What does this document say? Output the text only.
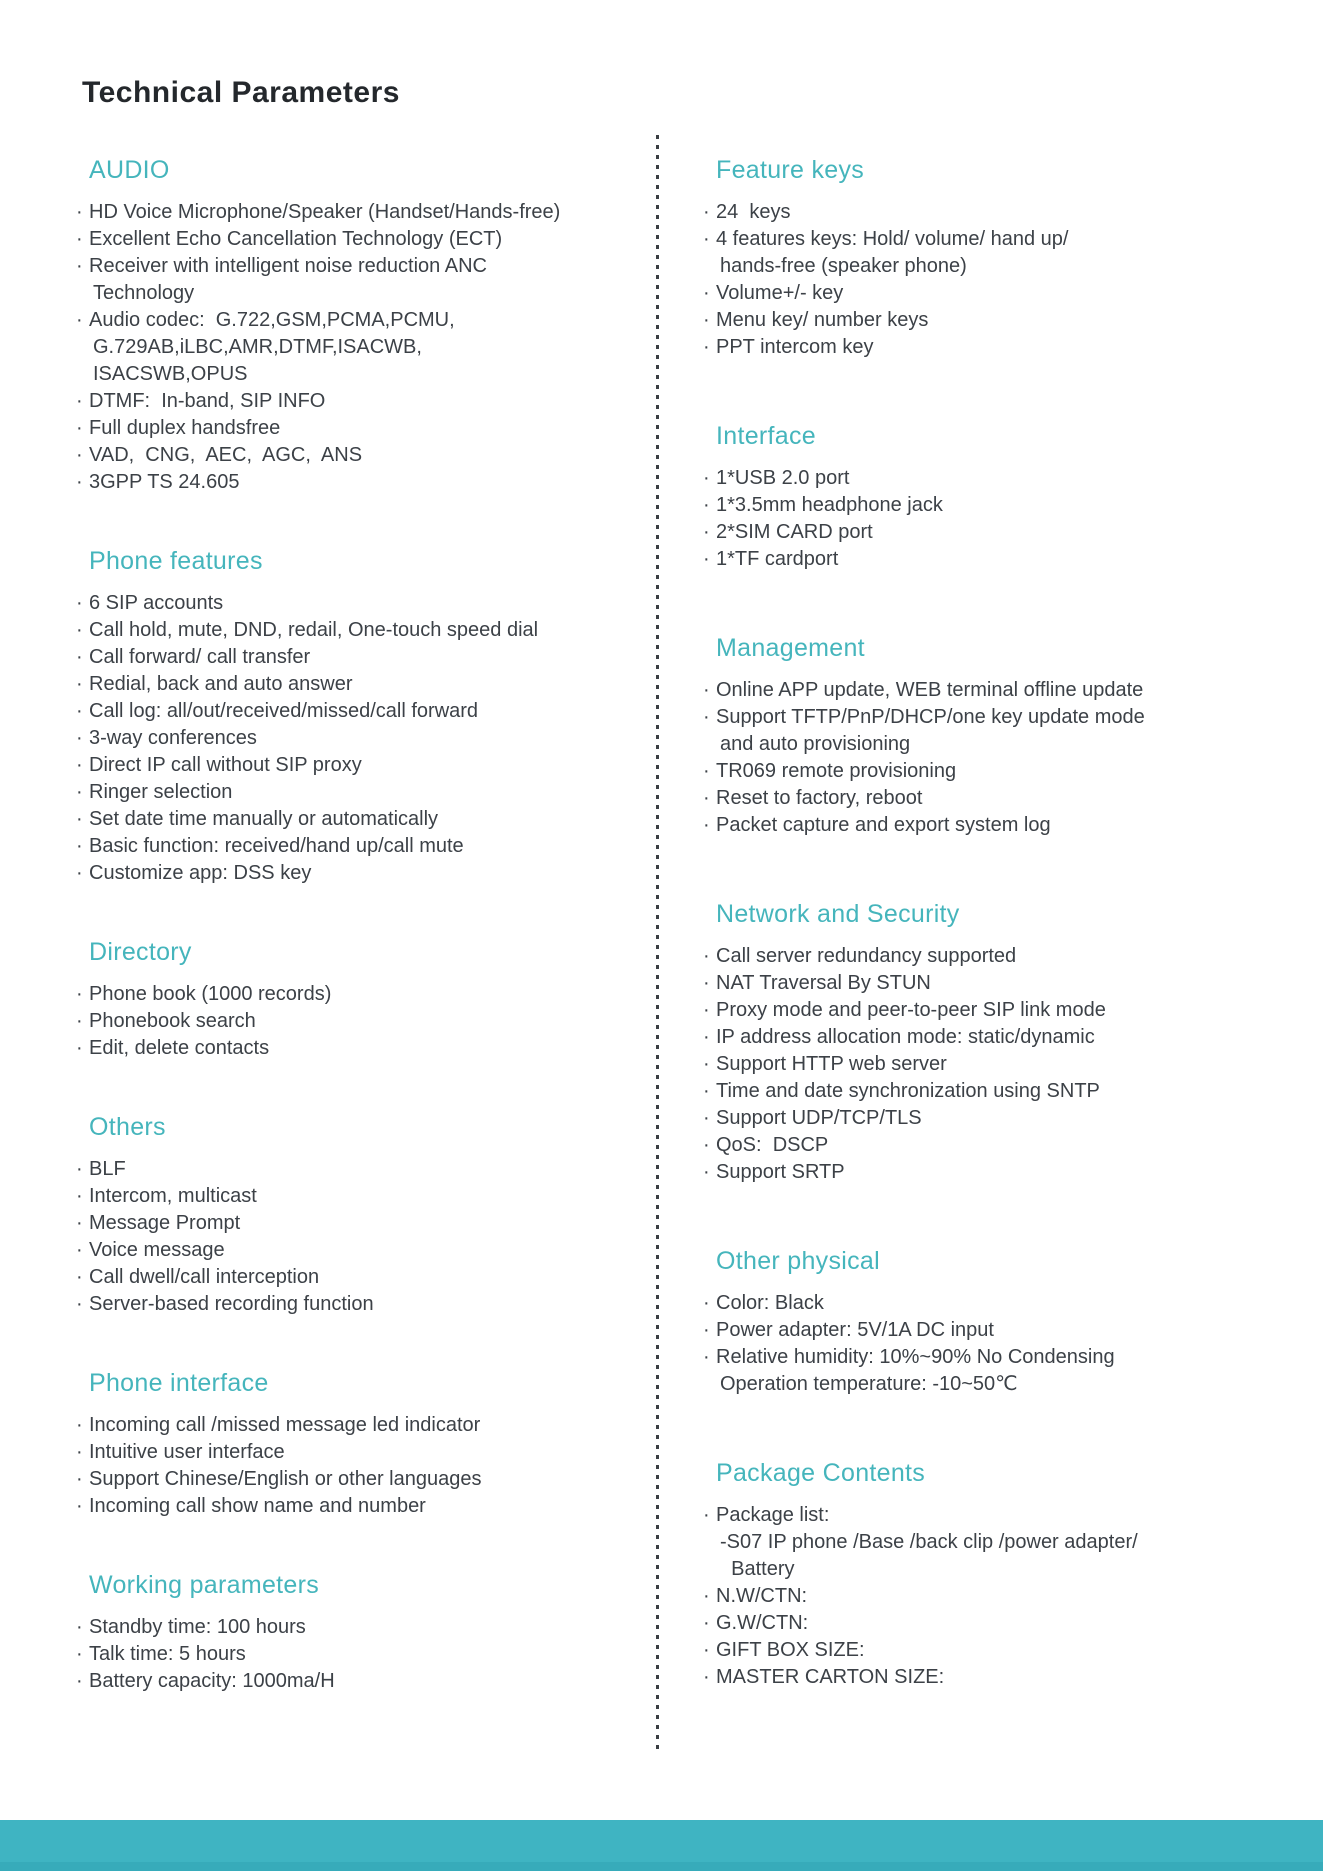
Technical Parameters
AUDIO
· HD Voice Microphone/Speaker (Handset/Hands-free)
· Excellent Echo Cancellation Technology (ECT)
· Receiver with intelligent noise reduction ANC
Technology
· Audio codec:  G.722,GSM,PCMA,PCMU,
G.729AB,iLBC,AMR,DTMF,ISACWB,
ISACSWB,OPUS
· DTMF:  In-band, SIP INFO
· Full duplex handsfree
· VAD,  CNG,  AEC,  AGC,  ANS
· 3GPP TS 24.605
Phone features
· 6 SIP accounts
· Call hold, mute, DND, redail, One-touch speed dial
· Call forward/ call transfer
· Redial, back and auto answer
· Call log: all/out/received/missed/call forward
· 3-way conferences
· Direct IP call without SIP proxy
· Ringer selection
· Set date time manually or automatically
· Basic function: received/hand up/call mute
· Customize app: DSS key
Directory
· Phone book (1000 records)
· Phonebook search
· Edit, delete contacts
Others
· BLF
· Intercom, multicast
· Message Prompt
· Voice message
· Call dwell/call interception
· Server-based recording function
Phone interface
· Incoming call /missed message led indicator
· Intuitive user interface
· Support Chinese/English or other languages
· Incoming call show name and number
Working parameters
· Standby time: 100 hours
· Talk time: 5 hours
· Battery capacity: 1000ma/H
Feature keys
· 24  keys
· 4 features keys: Hold/ volume/ hand up/
hands-free (speaker phone)
· Volume+/- key
· Menu key/ number keys
· PPT intercom key
Interface
· 1*USB 2.0 port
· 1*3.5mm headphone jack
· 2*SIM CARD port
· 1*TF cardport
Management
· Online APP update, WEB terminal offline update
· Support TFTP/PnP/DHCP/one key update mode
and auto provisioning
· TR069 remote provisioning
· Reset to factory, reboot
· Packet capture and export system log
Network and Security
· Call server redundancy supported
· NAT Traversal By STUN
· Proxy mode and peer-to-peer SIP link mode
· IP address allocation mode: static/dynamic
· Support HTTP web server
· Time and date synchronization using SNTP
· Support UDP/TCP/TLS
· QoS:  DSCP
· Support SRTP
Other physical
· Color: Black
· Power adapter: 5V/1A DC input
· Relative humidity: 10%~90% No Condensing
Operation temperature: -10~50℃
Package Contents
· Package list:
-S07 IP phone /Base /back clip /power adapter/
Battery
· N.W/CTN:
· G.W/CTN:
· GIFT BOX SIZE:
· MASTER CARTON SIZE:
